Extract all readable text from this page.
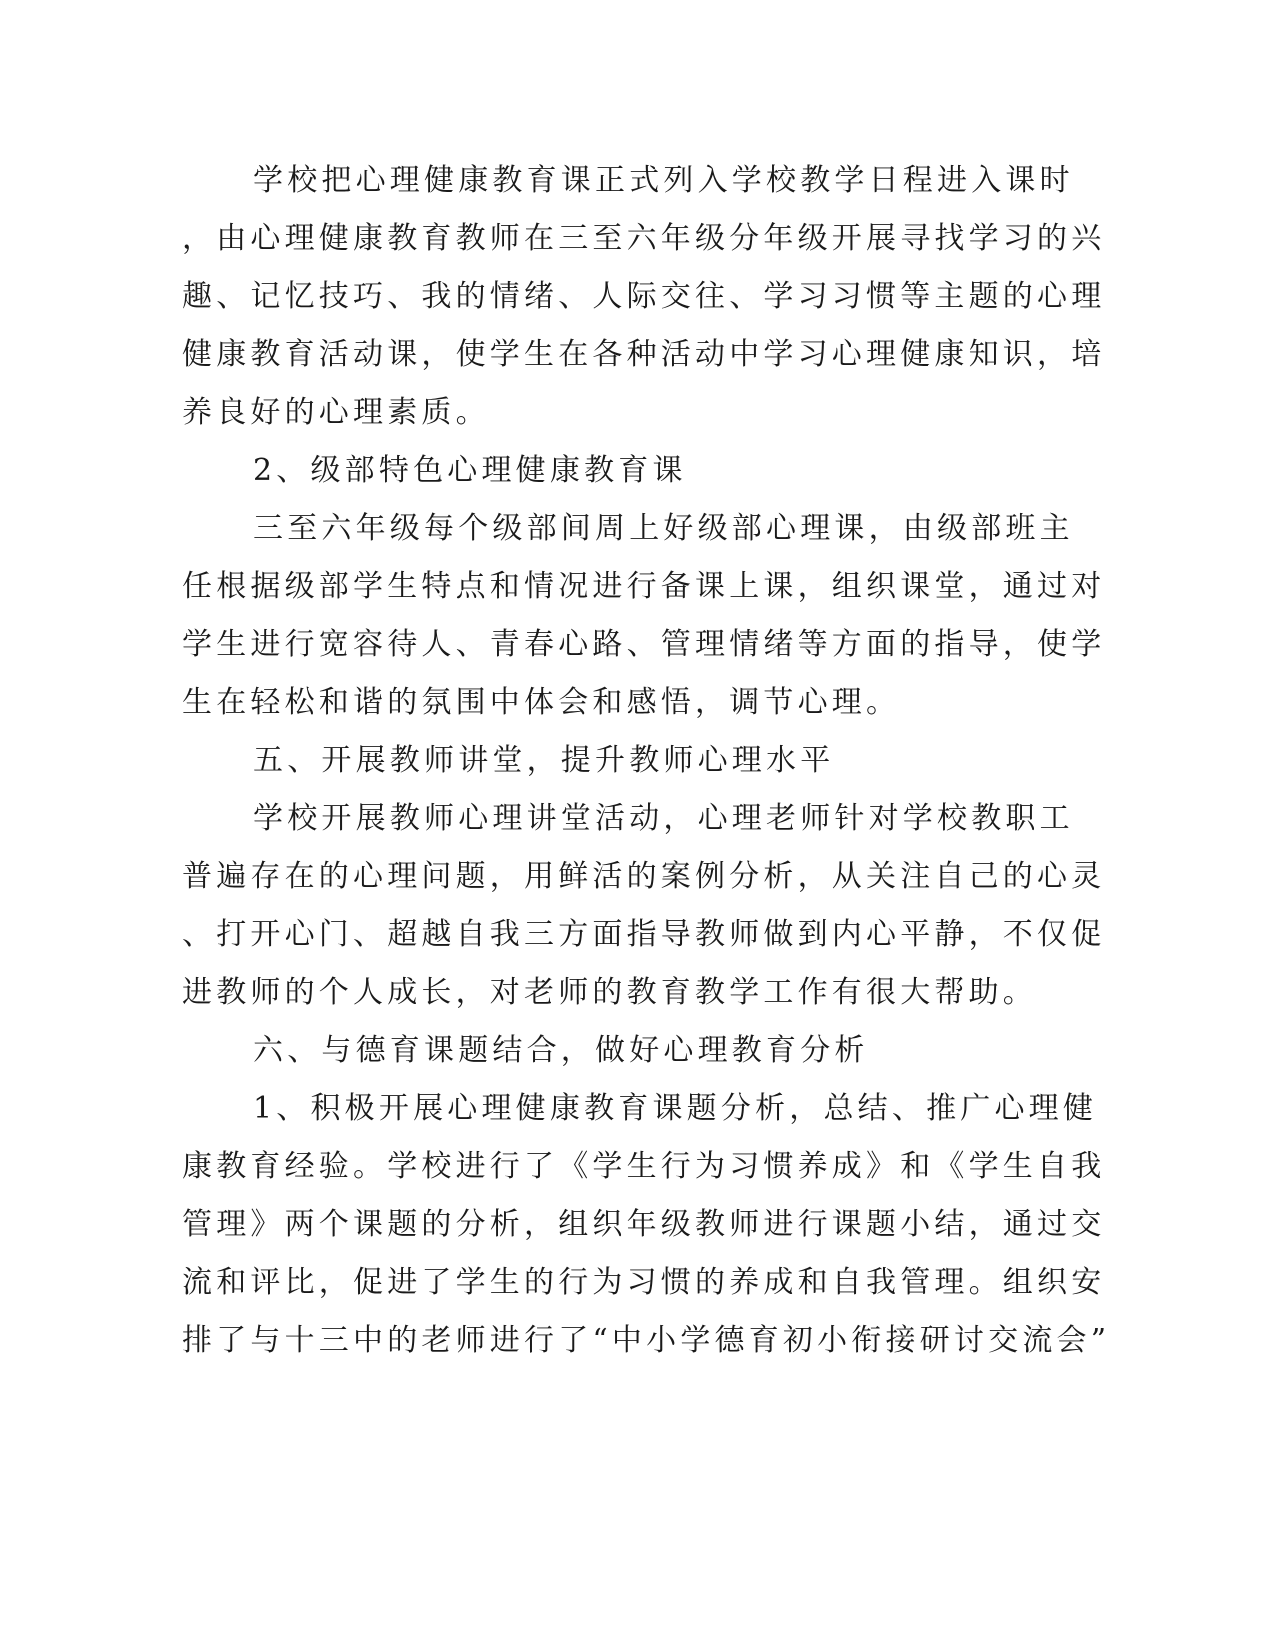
学校把心理健康教育课正式列入学校教学日程进入课时
，由心理健康教育教师在三至六年级分年级开展寻找学习的兴
趣、记忆技巧、我的情绪、人际交往、学习习惯等主题的心理
健康教育活动课，使学生在各种活动中学习心理健康知识，培
养良好的心理素质。
2、级部特色心理健康教育课
三至六年级每个级部间周上好级部心理课，由级部班主
任根据级部学生特点和情况进行备课上课，组织课堂，通过对
学生进行宽容待人、青春心路、管理情绪等方面的指导，使学
生在轻松和谐的氛围中体会和感悟，调节心理。
五、开展教师讲堂，提升教师心理水平
学校开展教师心理讲堂活动，心理老师针对学校教职工
普遍存在的心理问题，用鲜活的案例分析，从关注自己的心灵
、打开心门、超越自我三方面指导教师做到内心平静，不仅促
进教师的个人成长，对老师的教育教学工作有很大帮助。
六、与德育课题结合，做好心理教育分析
1、积极开展心理健康教育课题分析，总结、推广心理健
康教育经验。学校进行了《学生行为习惯养成》和《学生自我
管理》两个课题的分析，组织年级教师进行课题小结，通过交
流和评比，促进了学生的行为习惯的养成和自我管理。组织安
排了与十三中的老师进行了“中小学德育初小衔接研讨交流会”
